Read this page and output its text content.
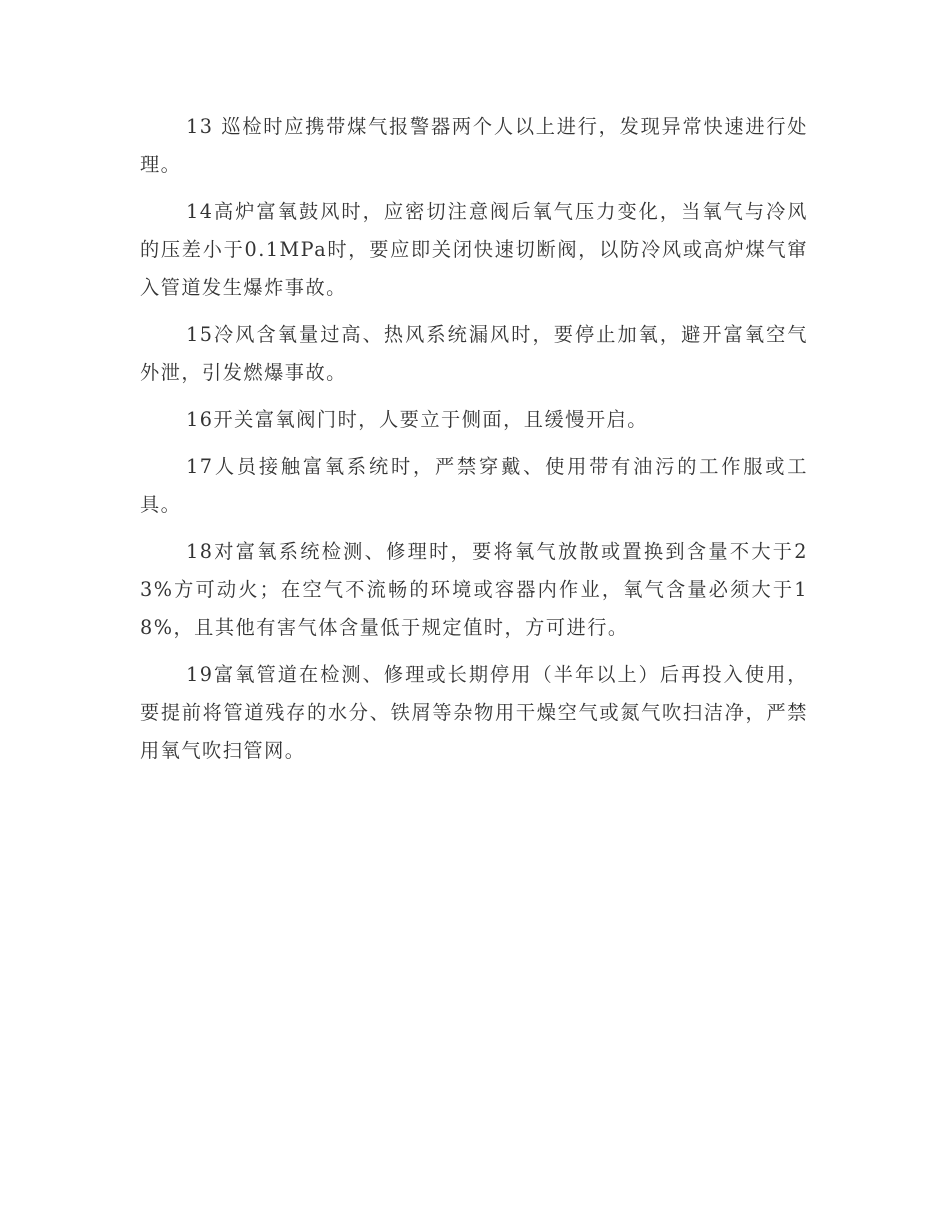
13 巡检时应携带煤气报警器两个人以上进行，发现异常快速进行处理。

14高炉富氧鼓风时，应密切注意阀后氧气压力变化，当氧气与冷风的压差小于0.1MPa时，要应即关闭快速切断阀，以防冷风或高炉煤气窜入管道发生爆炸事故。

15冷风含氧量过高、热风系统漏风时，要停止加氧，避开富氧空气外泄，引发燃爆事故。

16开关富氧阀门时，人要立于侧面，且缓慢开启。

17人员接触富氧系统时，严禁穿戴、使用带有油污的工作服或工具。

18对富氧系统检测、修理时，要将氧气放散或置换到含量不大于23%方可动火；在空气不流畅的环境或容器内作业，氧气含量必须大于18%，且其他有害气体含量低于规定值时，方可进行。

19富氧管道在检测、修理或长期停用（半年以上）后再投入使用，要提前将管道残存的水分、铁屑等杂物用干燥空气或氮气吹扫洁净，严禁用氧气吹扫管网。
